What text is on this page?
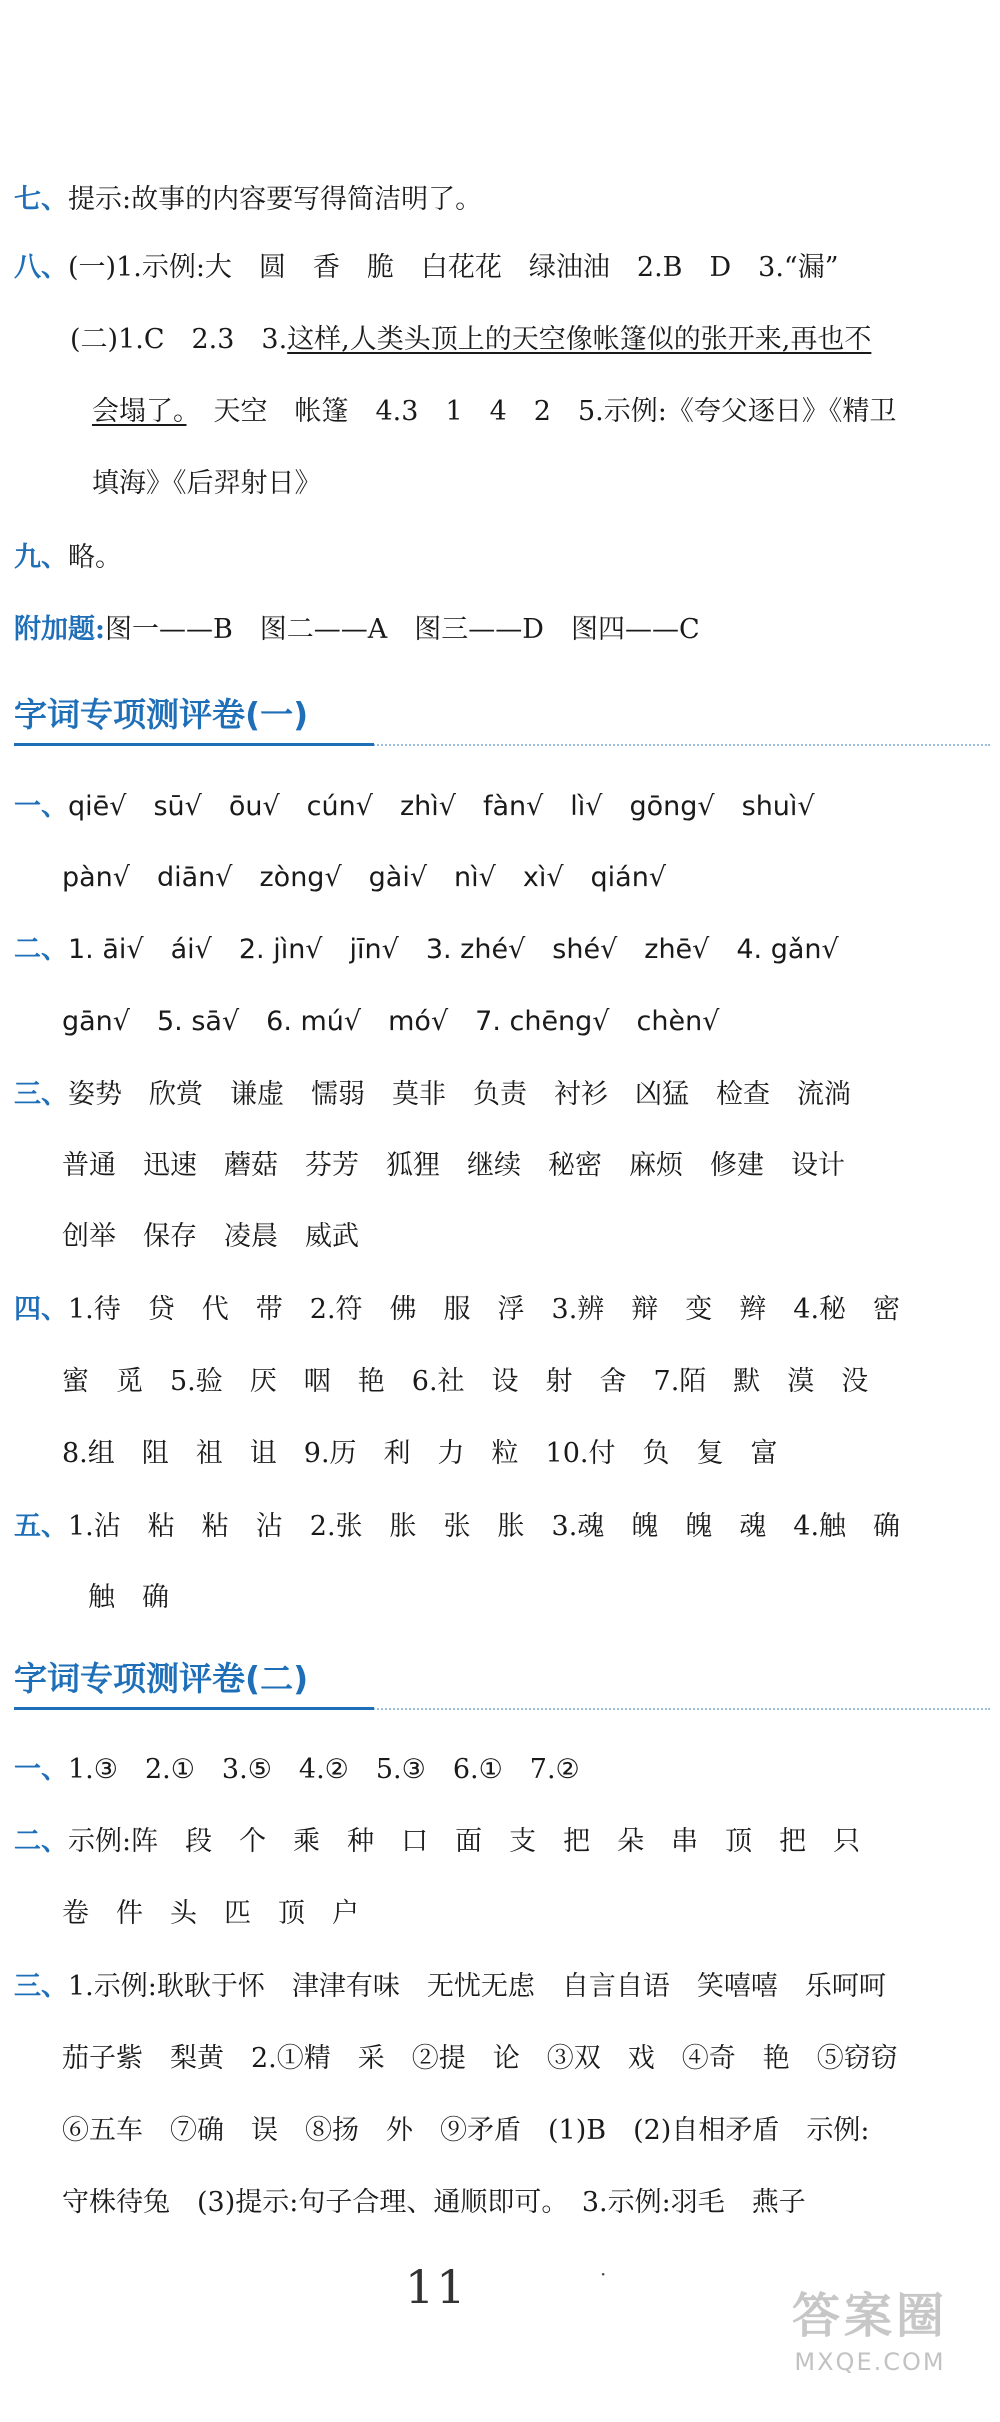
七、提示:故事的内容要写得简洁明了。
八、(一)1.示例:大　圆　香　脆　白花花　绿油油　2.B　D　3.“漏”
(二)1.C　2.3　3.这样,人类头顶上的天空像帐篷似的张开来,再也不
会塌了。　天空　帐篷　4.3　1　4　2　5.示例:《夸父逐日》《精卫
填海》《后羿射日》
九、略。
附加题:图一——B　图二——A　图三——D　图四——C
字词专项测评卷(一)
一、qiē√　sū√　ōu√　cún√　zhì√　fàn√　lì√　gōng√　shuì√
pàn√　diān√　zòng√　gài√　nì√　xì√　qián√
二、1. āi√　ái√　2. jìn√　jīn√　3. zhé√　shé√　zhē√　4. gǎn√
gān√　5. sā√　6. mú√　mó√　7. chēng√　chèn√
三、姿势　欣赏　谦虚　懦弱　莫非　负责　衬衫　凶猛　检查　流淌
普通　迅速　蘑菇　芬芳　狐狸　继续　秘密　麻烦　修建　设计
创举　保存　凌晨　威武
四、1.待　贷　代　带　2.符　佛　服　浮　3.辨　辩　变　辫　4.秘　密
蜜　觅　5.验　厌　咽　艳　6.社　设　射　舍　7.陌　默　漠　没
8.组　阻　祖　诅　9.历　利　力　粒　10.付　负　复　富
五、1.沾　粘　粘　沾　2.张　胀　张　胀　3.魂　魄　魄　魂　4.触　确
触　确
字词专项测评卷(二)
一、1.③　2.①　3.⑤　4.②　5.③　6.①　7.②
二、示例:阵　段　个　乘　种　口　面　支　把　朵　串　顶　把　只
卷　件　头　匹　顶　户
三、1.示例:耿耿于怀　津津有味　无忧无虑　自言自语　笑嘻嘻　乐呵呵
茄子紫　梨黄　2.①精　采　②提　论　③双　戏　④奇　艳　⑤窃窃
⑥五车　⑦确　误　⑧扬　外　⑨矛盾　(1)B　(2)自相矛盾　示例:
守株待兔　(3)提示:句子合理、通顺即可。　3.示例:羽毛　燕子
11	·
答案圈
MXQE.COM
